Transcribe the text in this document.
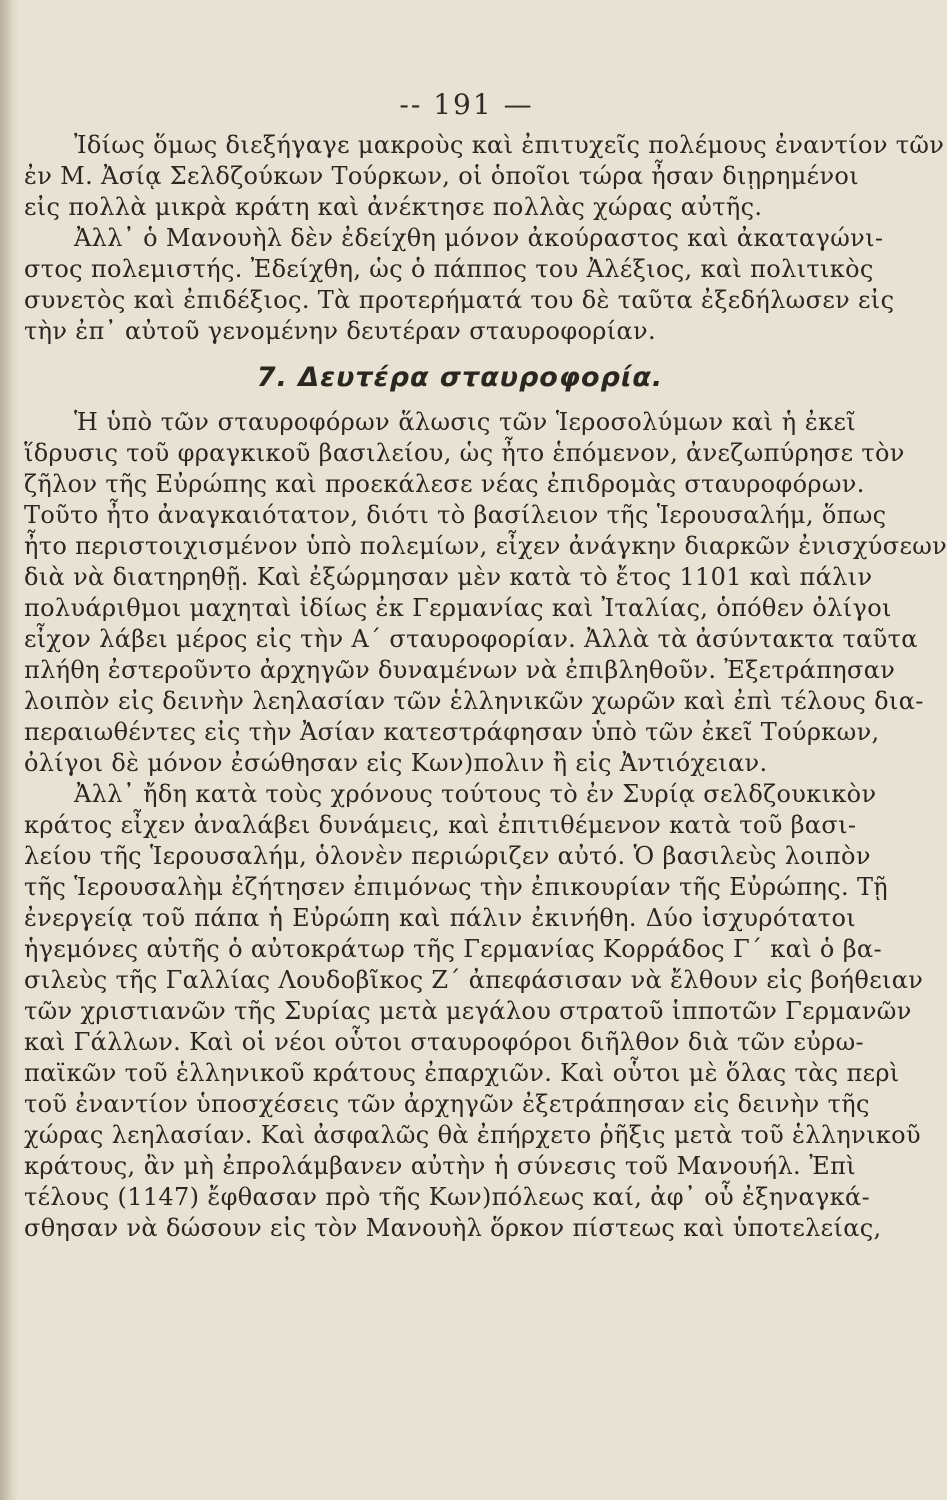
-- 191 —
Ἰδίως ὅμως διεξήγαγε μακροὺς καὶ ἐπιτυχεῖς πολέμους ἐναντίον τῶν
ἐν Μ. Ἀσίᾳ Σελδζούκων Τούρκων, οἱ ὁποῖοι τώρα ἦσαν διῃρημένοι
εἰς πολλὰ μικρὰ κράτη καὶ ἀνέκτησε πολλὰς χώρας αὐτῆς.
Ἀλλ᾽ ὁ Μανουὴλ δὲν ἐδείχθη μόνον ἀκούραστος καὶ ἀκαταγώνι-
στος πολεμιστής. Ἐδείχθη, ὡς ὁ πάππος του Ἀλέξιος, καὶ πολιτικὸς
συνετὸς καὶ ἐπιδέξιος. Τὰ προτερήματά του δὲ ταῦτα ἐξεδήλωσεν εἰς
τὴν ἐπ᾽ αὐτοῦ γενομένην δευτέραν σταυροφορίαν.
7. Δευτέρα σταυροφορία.
Ἡ ὑπὸ τῶν σταυροφόρων ἅλωσις τῶν Ἱεροσολύμων καὶ ἡ ἐκεῖ
ἵδρυσις τοῦ φραγκικοῦ βασιλείου, ὡς ἦτο ἑπόμενον, ἀνεζωπύρησε τὸν
ζῆλον τῆς Εὐρώπης καὶ προεκάλεσε νέας ἐπιδρομὰς σταυροφόρων.
Τοῦτο ἦτο ἀναγκαιότατον, διότι τὸ βασίλειον τῆς Ἱερουσαλήμ, ὅπως
ἦτο περιστοιχισμένον ὑπὸ πολεμίων, εἶχεν ἀνάγκην διαρκῶν ἐνισχύσεων
διὰ νὰ διατηρηθῇ. Καὶ ἐξώρμησαν μὲν κατὰ τὸ ἔτος 1101 καὶ πάλιν
πολυάριθμοι μαχηταὶ ἰδίως ἐκ Γερμανίας καὶ Ἰταλίας, ὁπόθεν ὀλίγοι
εἶχον λάβει μέρος εἰς τὴν Α´ σταυροφορίαν. Ἀλλὰ τὰ ἀσύντακτα ταῦτα
πλήθη ἐστεροῦντο ἀρχηγῶν δυναμένων νὰ ἐπιβληθοῦν. Ἐξετράπησαν
λοιπὸν εἰς δεινὴν λεηλασίαν τῶν ἑλληνικῶν χωρῶν καὶ ἐπὶ τέλους δια-
περαιωθέντες εἰς τὴν Ἀσίαν κατεστράφησαν ὑπὸ τῶν ἐκεῖ Τούρκων,
ὀλίγοι δὲ μόνον ἐσώθησαν εἰς Κων)πολιν ἢ εἰς Ἀντιόχειαν.
Ἀλλ᾽ ἤδη κατὰ τοὺς χρόνους τούτους τὸ ἐν Συρίᾳ σελδζουκικὸν
κράτος εἶχεν ἀναλάβει δυνάμεις, καὶ ἐπιτιθέμενον κατὰ τοῦ βασι-
λείου τῆς Ἱερουσαλήμ, ὁλονὲν περιώριζεν αὐτό. Ὁ βασιλεὺς λοιπὸν
τῆς Ἱερουσαλὴμ ἐζήτησεν ἐπιμόνως τὴν ἐπικουρίαν τῆς Εὐρώπης. Τῇ
ἐνεργείᾳ τοῦ πάπα ἡ Εὐρώπη καὶ πάλιν ἐκινήθη. Δύο ἰσχυρότατοι
ἡγεμόνες αὐτῆς ὁ αὐτοκράτωρ τῆς Γερμανίας Κορράδος Γ´ καὶ ὁ βα-
σιλεὺς τῆς Γαλλίας Λουδοβῖκος Ζ´ ἀπεφάσισαν νὰ ἔλθουν εἰς βοήθειαν
τῶν χριστιανῶν τῆς Συρίας μετὰ μεγάλου στρατοῦ ἱπποτῶν Γερμανῶν
καὶ Γάλλων. Καὶ οἱ νέοι οὗτοι σταυροφόροι διῆλθον διὰ τῶν εὐρω-
παϊκῶν τοῦ ἑλληνικοῦ κράτους ἐπαρχιῶν. Καὶ οὗτοι μὲ ὅλας τὰς περὶ
τοῦ ἐναντίον ὑποσχέσεις τῶν ἀρχηγῶν ἐξετράπησαν εἰς δεινὴν τῆς
χώρας λεηλασίαν. Καὶ ἀσφαλῶς θὰ ἐπήρχετο ῥῆξις μετὰ τοῦ ἑλληνικοῦ
κράτους, ἂν μὴ ἐπρολάμβανεν αὐτὴν ἡ σύνεσις τοῦ Μανουήλ. Ἐπὶ
τέλους (1147) ἔφθασαν πρὸ τῆς Κων)πόλεως καί, ἀφ᾽ οὗ ἐξηναγκά-
σθησαν νὰ δώσουν εἰς τὸν Μανουὴλ ὅρκον πίστεως καὶ ὑποτελείας,
